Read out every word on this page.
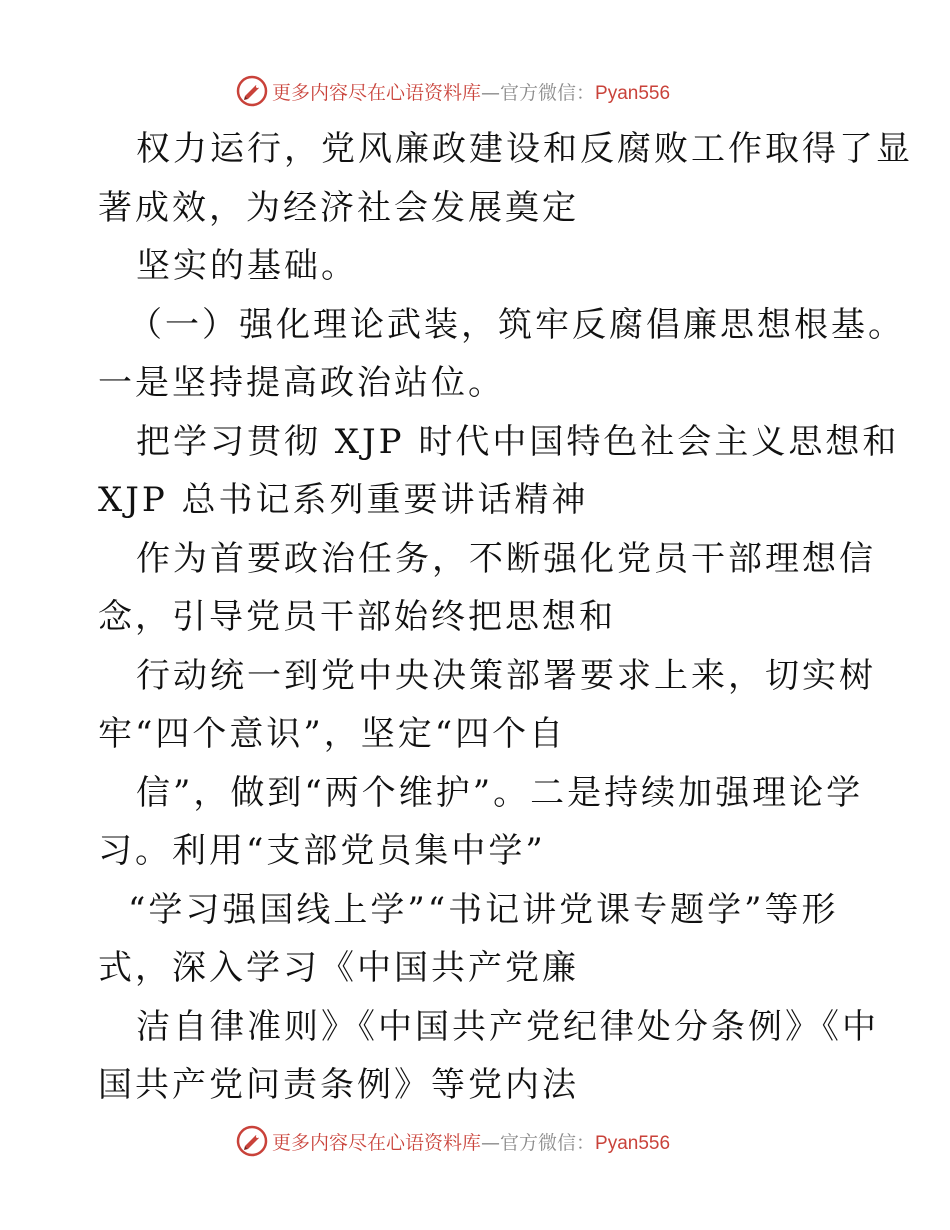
更多内容尽在心语资料库—官方微信：Pyan556
权力运行，党风廉政建设和反腐败工作取得了显
著成效，为经济社会发展奠定
坚实的基础。
（一）强化理论武装，筑牢反腐倡廉思想根基。
一是坚持提高政治站位。
把学习贯彻 XJP 时代中国特色社会主义思想和
XJP 总书记系列重要讲话精神
作为首要政治任务，不断强化党员干部理想信
念，引导党员干部始终把思想和
行动统一到党中央决策部署要求上来，切实树
牢“四个意识”，坚定“四个自
信”，做到“两个维护”。二是持续加强理论学
习。利用“支部党员集中学”
“学习强国线上学”“书记讲党课专题学”等形
式，深入学习《中国共产党廉
洁自律准则》《中国共产党纪律处分条例》《中
国共产党问责条例》等党内法
更多内容尽在心语资料库—官方微信：Pyan556
